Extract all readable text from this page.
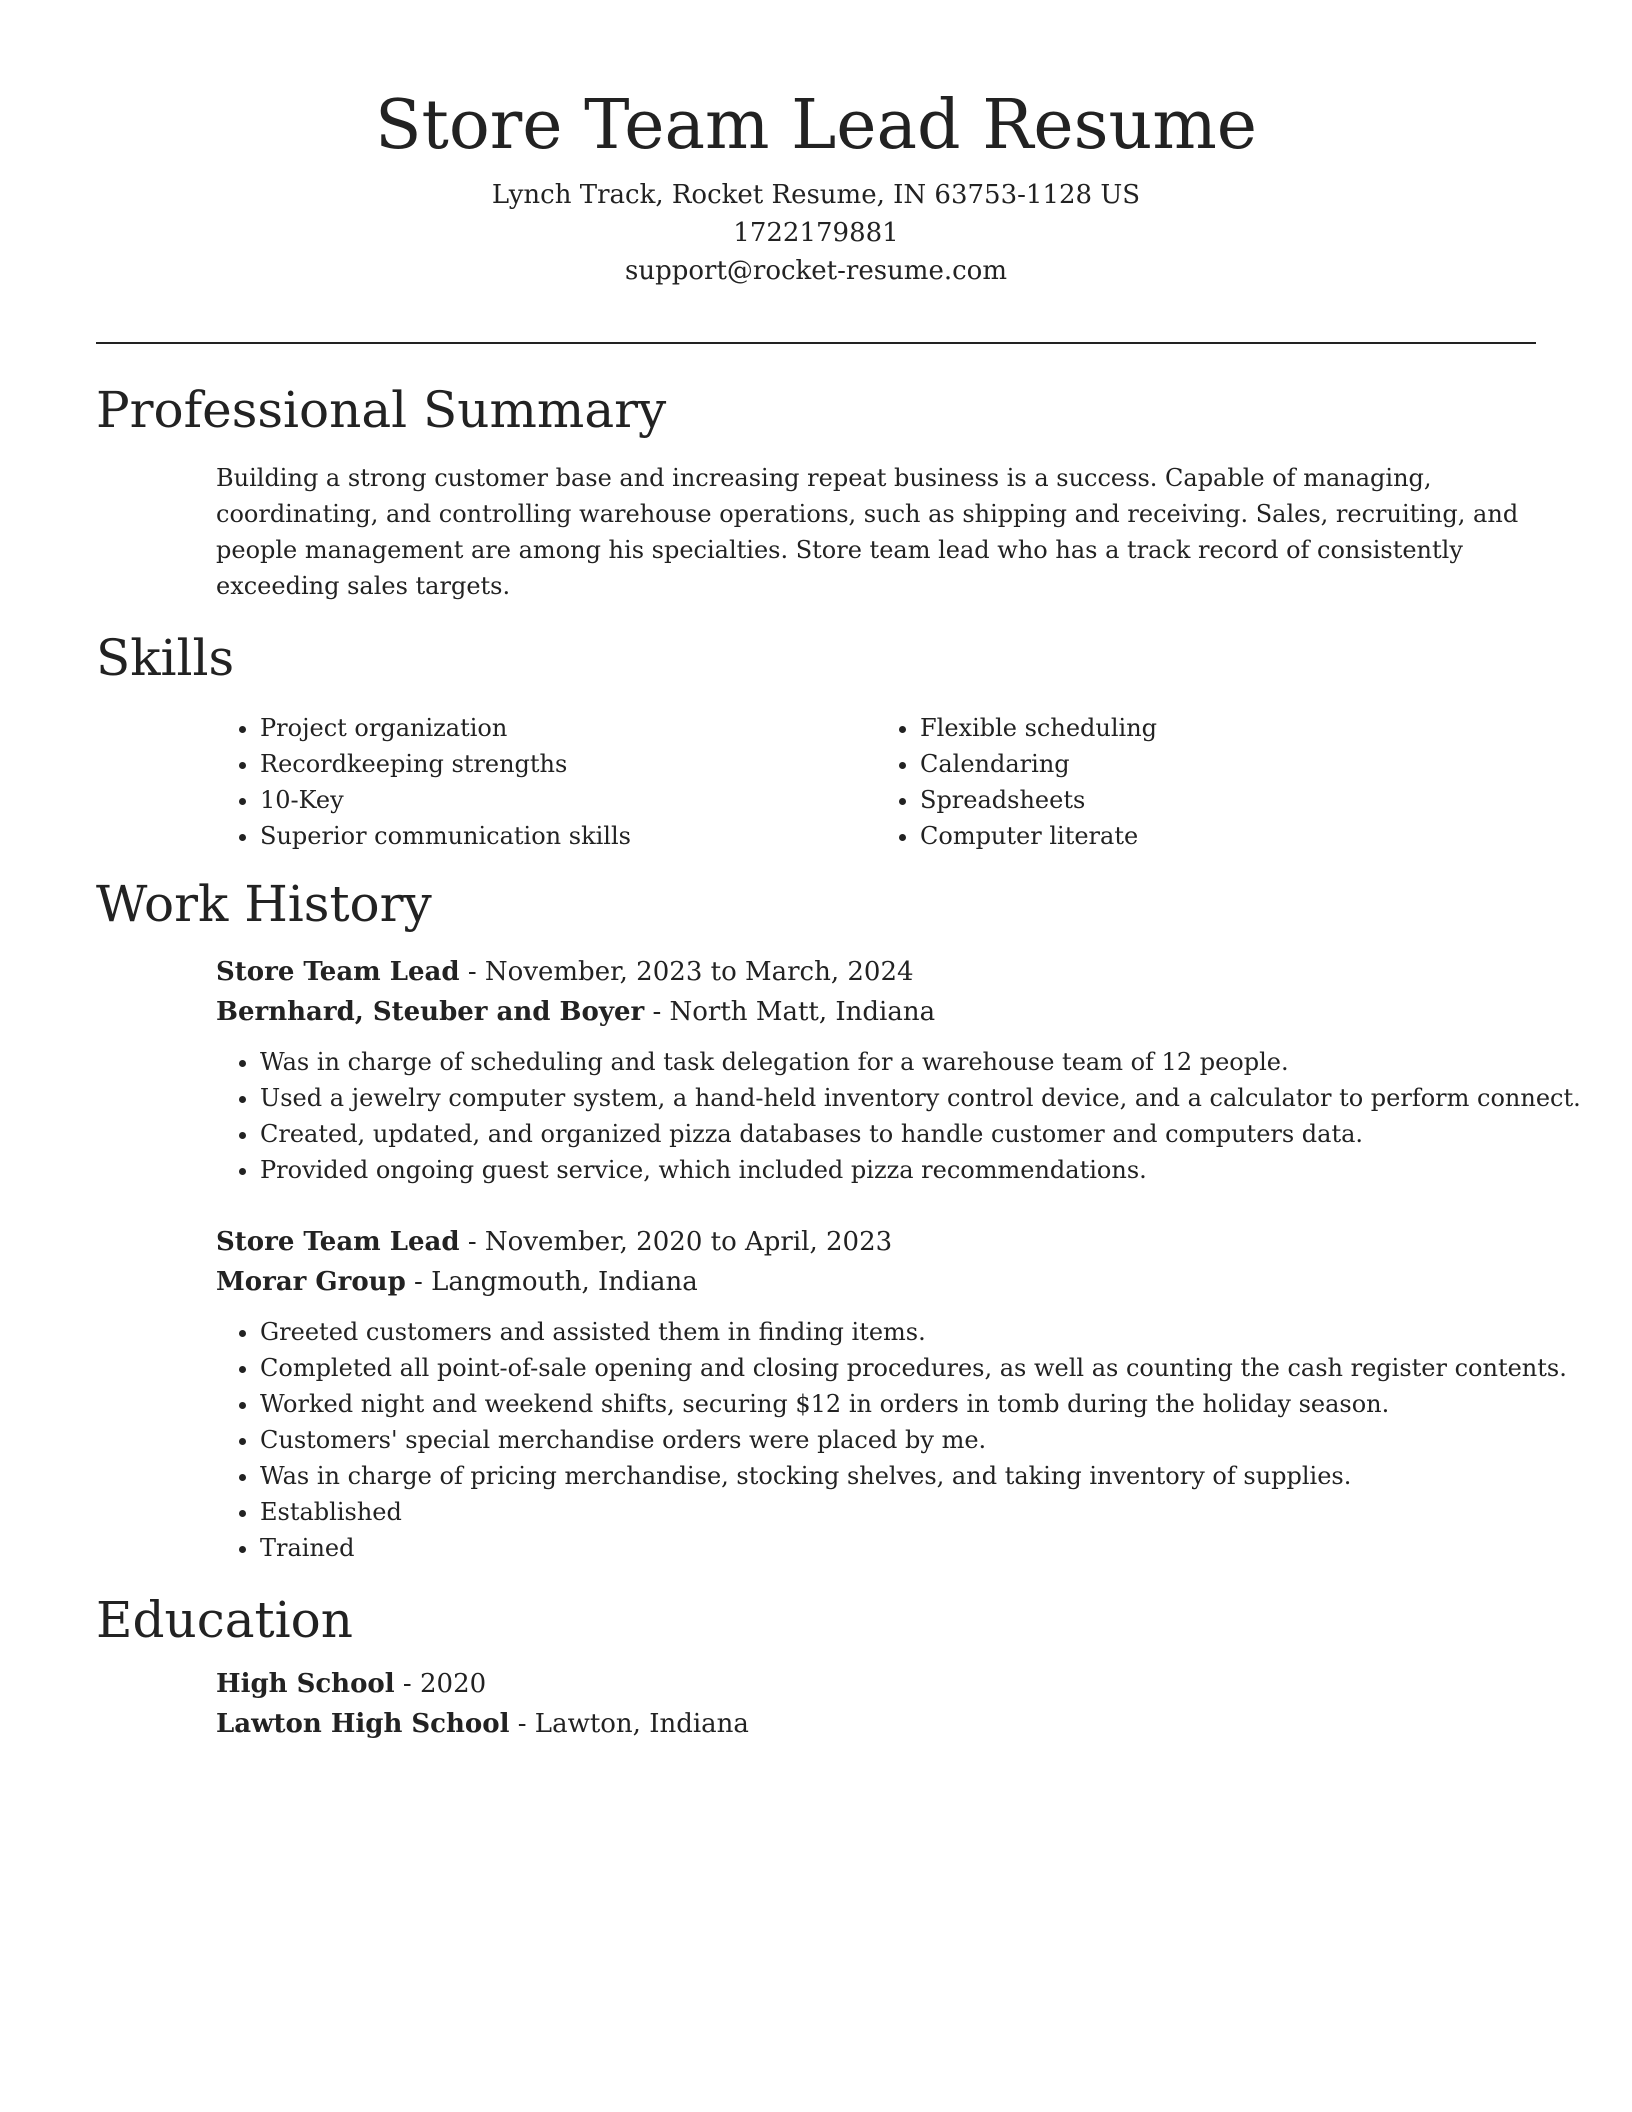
Store Team Lead Resume

Lynch Track, Rocket Resume, IN 63753-1128 US

1722179881

support@rocket-resume.com

Professional Summary

Building a strong customer base and increasing repeat business is a success. Capable of managing, coordinating, and controlling warehouse operations, such as shipping and receiving. Sales, recruiting, and people management are among his specialties. Store team lead who has a track record of consistently exceeding sales targets.

Skills
• Project organization
• Recordkeeping strengths
• 10-Key
• Superior communication skills
• Flexible scheduling
• Calendaring
• Spreadsheets
• Computer literate
Work History

Store Team Lead - November, 2023 to March, 2024

Bernhard, Steuber and Boyer - North Matt, Indiana

• Was in charge of scheduling and task delegation for a warehouse team of 12 people.
• Used a jewelry computer system, a hand-held inventory control device, and a calculator to perform connect.
• Created, updated, and organized pizza databases to handle customer and computers data.
• Provided ongoing guest service, which included pizza recommendations.

Store Team Lead - November, 2020 to April, 2023

Morar Group - Langmouth, Indiana

• Greeted customers and assisted them in finding items.
• Completed all point-of-sale opening and closing procedures, as well as counting the cash register contents.
• Worked night and weekend shifts, securing $12 in orders in tomb during the holiday season.
• Customers' special merchandise orders were placed by me.
• Was in charge of pricing merchandise, stocking shelves, and taking inventory of supplies.
• Established
• Trained
Education

High School - 2020

Lawton High School - Lawton, Indiana
